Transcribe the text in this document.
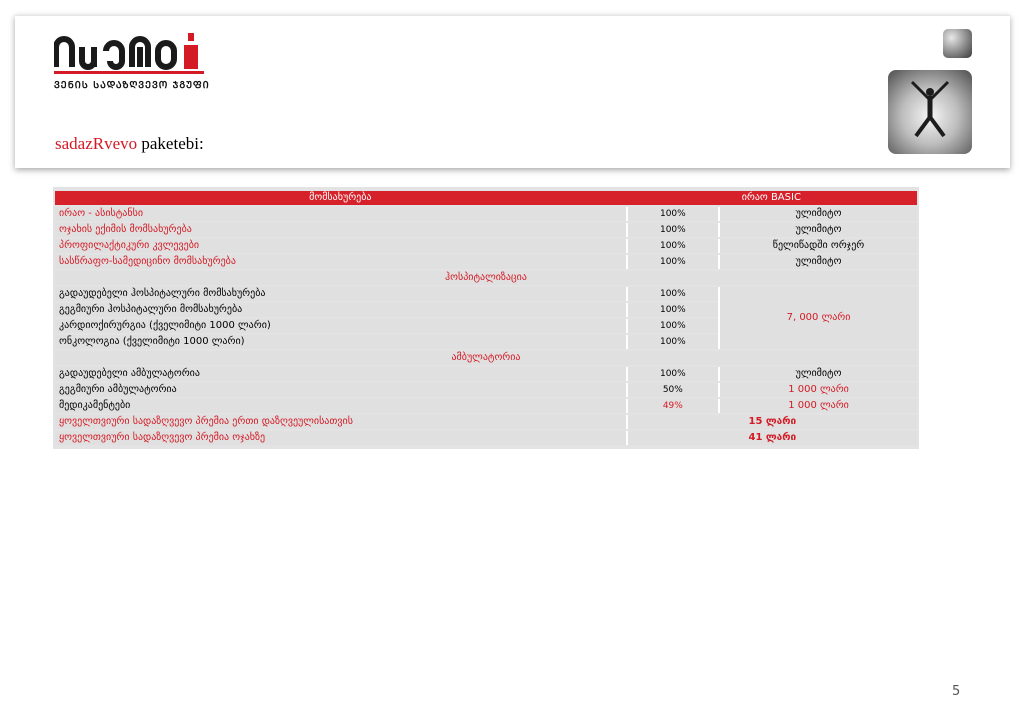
ᲕᲔᲜᲘᲡ ᲡᲐᲓᲐᲖᲦᲕᲔᲕᲝ ᲯᲒᲣᲤᲘ
sadazRvevo paketebi:
მომსახურება	ირაო BASIC	
ირაო - ასისტანსი	100%	ულიმიტო
ოჯახის ექიმის მომსახურება	100%	ულიმიტო
პროფილაქტიკური კვლევები	100%	წელიწადში ორჯერ
სასწრაფო-სამედიცინო მომსახურება	100%	ულიმიტო
ჰოსპიტალიზაცია		
გადაუდებელი ჰოსპიტალური მომსახურება	100%	7, 000 ლარი
გეგმიური ჰოსპიტალური მომსახურება	100%	
კარდიოქირურგია (ქველიმიტი 1000 ლარი)	100%	
ონკოლოგია (ქველიმიტი 1000 ლარი)	100%	
ამბულატორია		
გადაუდებელი ამბულატორია	100%	ულიმიტო
გეგმიური ამბულატორია	50%	1 000 ლარი
მედიკამენტები	49%	1 000 ლარი
ყოველთვიური სადაზღვევო პრემია ერთი დაზღვეულისათვის	15 ლარი	
ყოველთვიური სადაზღვევო პრემია ოჯახზე	41 ლარი	
5
